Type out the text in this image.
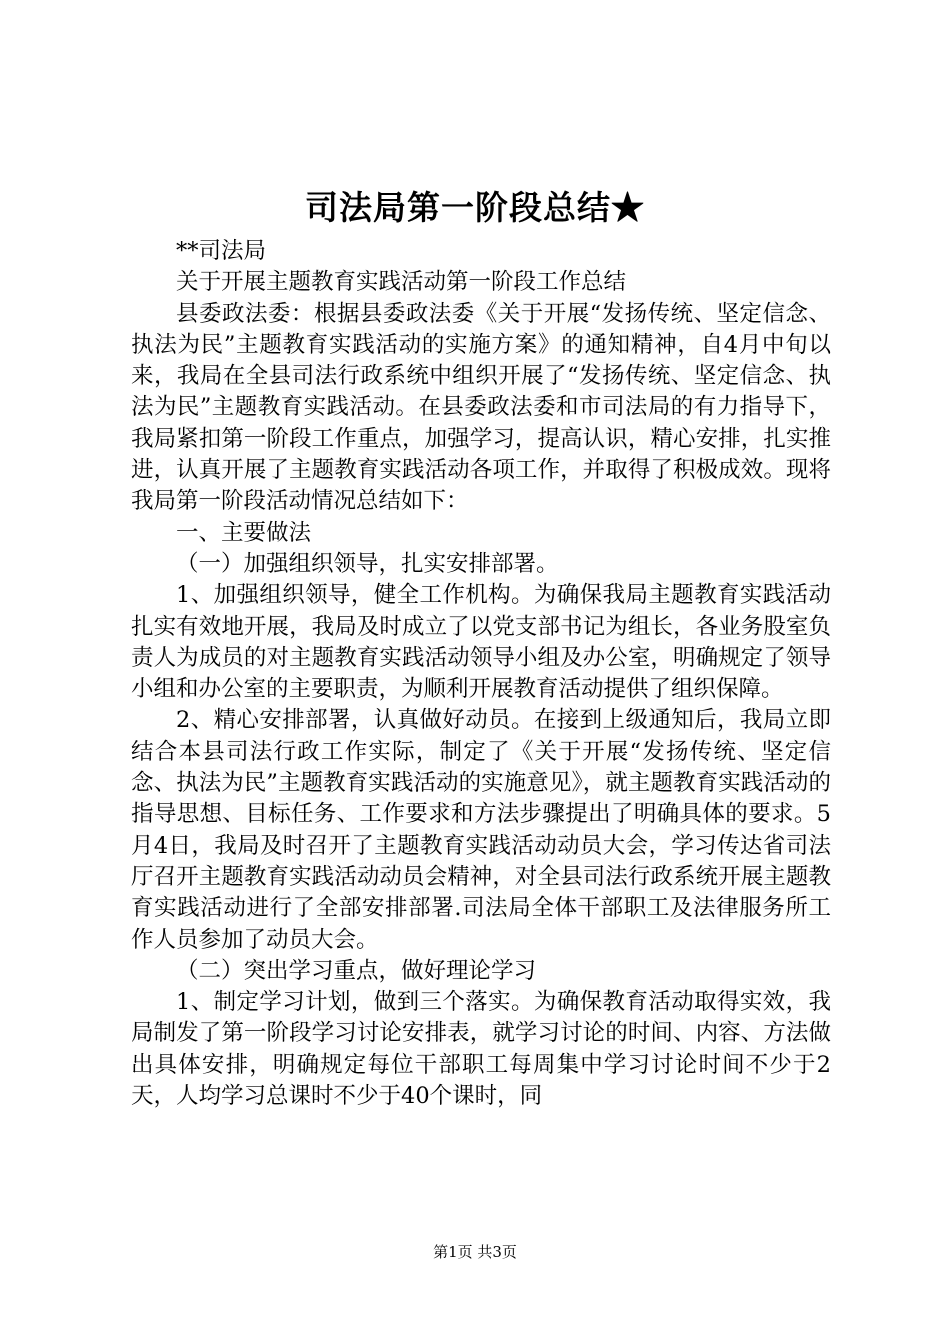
司法局第一阶段总结★

**司法局

关于开展主题教育实践活动第一阶段工作总结

县委政法委：根据县委政法委《关于开展“发扬传统、坚定信念、执法为民”主题教育实践活动的实施方案》的通知精神，自4月中旬以来，我局在全县司法行政系统中组织开展了“发扬传统、坚定信念、执法为民”主题教育实践活动。在县委政法委和市司法局的有力指导下，我局紧扣第一阶段工作重点，加强学习，提高认识，精心安排，扎实推进，认真开展了主题教育实践活动各项工作，并取得了积极成效。现将我局第一阶段活动情况总结如下：

一、主要做法

（一）加强组织领导，扎实安排部署。

1、加强组织领导，健全工作机构。为确保我局主题教育实践活动扎实有效地开展，我局及时成立了以党支部书记为组长，各业务股室负责人为成员的对主题教育实践活动领导小组及办公室，明确规定了领导小组和办公室的主要职责，为顺利开展教育活动提供了组织保障。

2、精心安排部署，认真做好动员。在接到上级通知后，我局立即结合本县司法行政工作实际，制定了《关于开展“发扬传统、坚定信念、执法为民”主题教育实践活动的实施意见》，就主题教育实践活动的指导思想、目标任务、工作要求和方法步骤提出了明确具体的要求。5月4日，我局及时召开了主题教育实践活动动员大会，学习传达省司法厅召开主题教育实践活动动员会精神，对全县司法行政系统开展主题教育实践活动进行了全部安排部署.司法局全体干部职工及法律服务所工作人员参加了动员大会。

（二）突出学习重点，做好理论学习

1、制定学习计划，做到三个落实。为确保教育活动取得实效，我局制发了第一阶段学习讨论安排表，就学习讨论的时间、内容、方法做出具体安排，明确规定每位干部职工每周集中学习讨论时间不少于2天，人均学习总课时不少于40个课时，同

第1页 共3页
